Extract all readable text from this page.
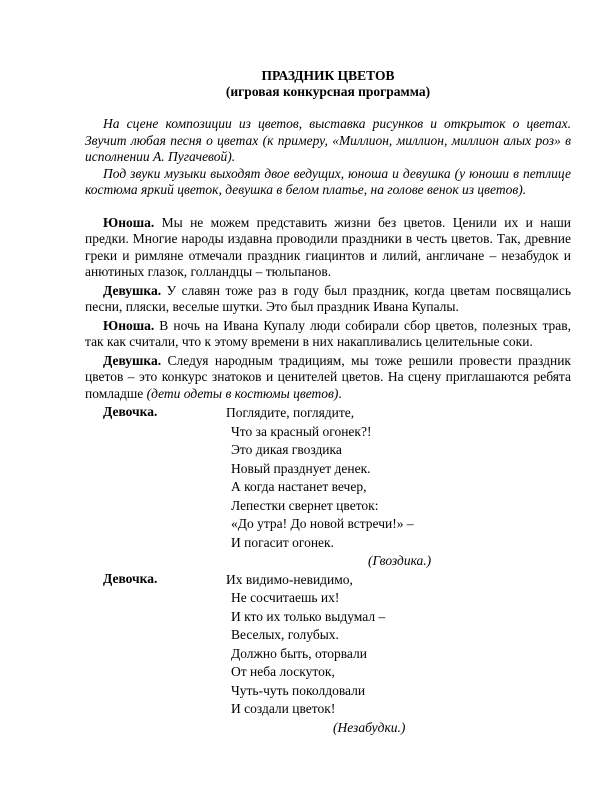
ПРАЗДНИК ЦВЕТОВ
(игровая конкурсная программа)

На сцене композиции из цветов, выставка рисунков и открыток о цветах. Звучит любая песня о цветах (к примеру, «Миллион, миллион, миллион алых роз» в исполнении А. Пугачевой).

Под звуки музыки выходят двое ведущих, юноша и девушка (у юноши в петлице костюма яркий цветок, девушка в белом платье, на голове венок из цветов).

Юноша. Мы не можем представить жизни без цветов. Ценили их и наши предки. Многие народы издавна проводили праздники в честь цветов. Так, древние греки и римляне отмечали праздник гиацинтов и лилий, англичане – незабудок и анютиных глазок, голландцы – тюльпанов.

Девушка. У славян тоже раз в году был праздник, когда цветам посвящались песни, пляски, веселые шутки. Это был праздник Ивана Купалы.

Юноша. В ночь на Ивана Купалу люди собирали сбор цветов, полезных трав, так как считали, что к этому времени в них накапливались целительные соки.

Девушка. Следуя народным традициям, мы тоже решили провести праздник цветов – это конкурс знатоков и ценителей цветов. На сцену приглашаются ребята помладше (дети одеты в костюмы цветов).

Девочка.	Поглядите, поглядите,
Что за красный огонек?!
Это дикая гвоздика
Новый празднует денек.
А когда настанет вечер,
Лепестки свернет цветок:
«До утра! До новой встречи!» –
И погасит огонек.
(Гвоздика.)
Девочка.	Их видимо-невидимо,
Не сосчитаешь их!
И кто их только выдумал –
Веселых, голубых.
Должно быть, оторвали
От неба лоскуток,
Чуть-чуть поколдовали
И создали цветок!
(Незабудки.)
